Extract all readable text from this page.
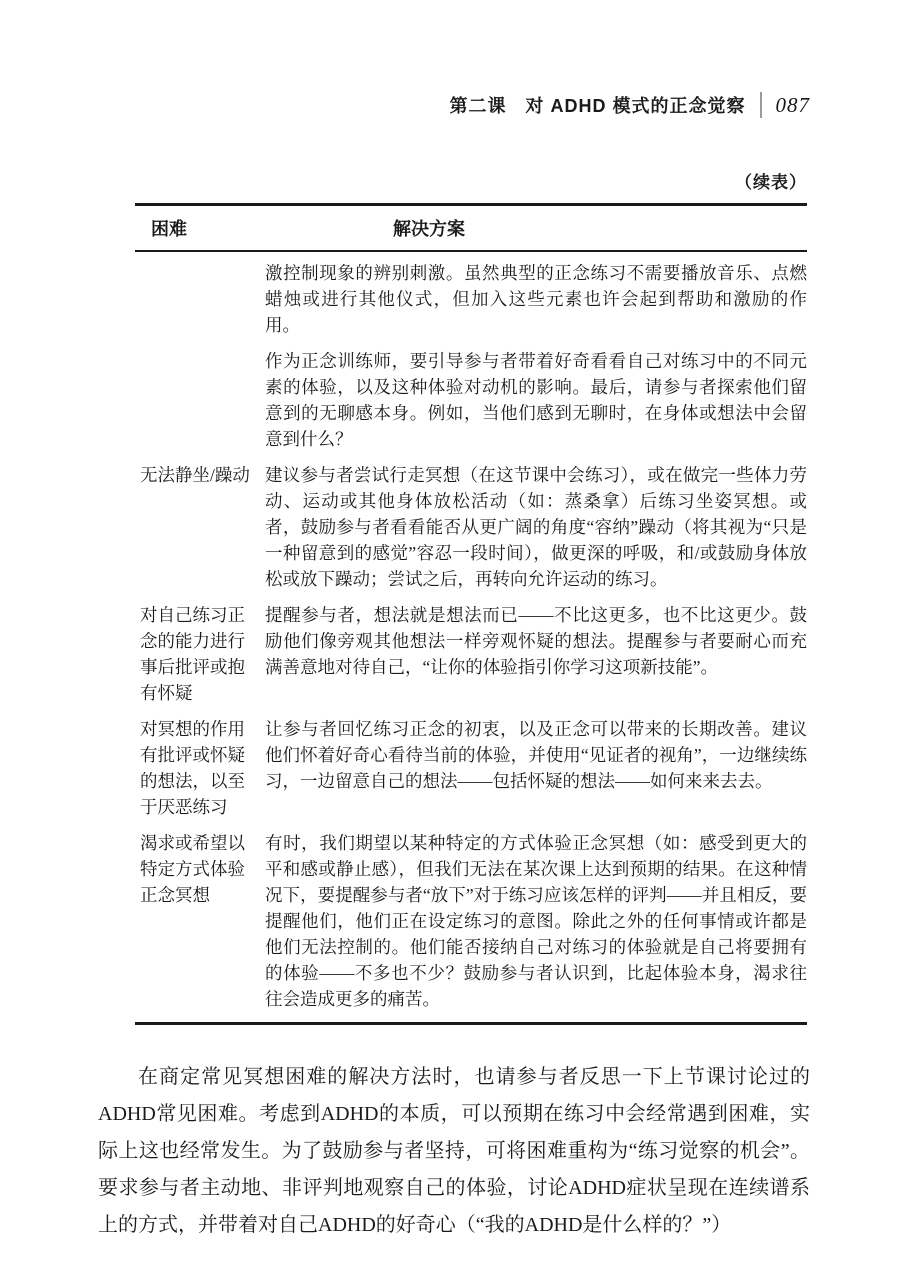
第二课　对 ADHD 模式的正念觉察 087
（续表）
困难	解决方案

激控制现象的辨别刺激。虽然典型的正念练习不需要播放音乐、点燃蜡烛或进行其他仪式，但加入这些元素也许会起到帮助和激励的作用。

作为正念训练师，要引导参与者带着好奇看看自己对练习中的不同元素的体验，以及这种体验对动机的影响。最后，请参与者探索他们留意到的无聊感本身。例如，当他们感到无聊时，在身体或想法中会留意到什么？

无法静坐/躁动 建议参与者尝试行走冥想（在这节课中会练习），或在做完一些体力劳动、运动或其他身体放松活动（如：蒸桑拿）后练习坐姿冥想。或者，鼓励参与者看看能否从更广阔的角度“容纳”躁动（将其视为“只是一种留意到的感觉”容忍一段时间），做更深的呼吸，和/或鼓励身体放松或放下躁动；尝试之后，再转向允许运动的练习。

对自己练习正念的能力进行事后批评或抱有怀疑

提醒参与者，想法就是想法而已——不比这更多，也不比这更少。鼓励他们像旁观其他想法一样旁观怀疑的想法。提醒参与者要耐心而充满善意地对待自己，“让你的体验指引你学习这项新技能”。

对冥想的作用有批评或怀疑的想法，以至于厌恶练习

让参与者回忆练习正念的初衷，以及正念可以带来的长期改善。建议他们怀着好奇心看待当前的体验，并使用“见证者的视角”，一边继续练习，一边留意自己的想法——包括怀疑的想法——如何来来去去。

渴求或希望以特定方式体验正念冥想

有时，我们期望以某种特定的方式体验正念冥想（如：感受到更大的平和感或静止感），但我们无法在某次课上达到预期的结果。在这种情况下，要提醒参与者“放下”对于练习应该怎样的评判——并且相反，要提醒他们，他们正在设定练习的意图。除此之外的任何事情或许都是他们无法控制的。他们能否接纳自己对练习的体验就是自己将要拥有的体验——不多也不少？鼓励参与者认识到，比起体验本身，渴求往往会造成更多的痛苦。

在商定常见冥想困难的解决方法时，也请参与者反思一下上节课讨论过的ADHD常见困难。考虑到ADHD的本质，可以预期在练习中会经常遇到困难，实际上这也经常发生。为了鼓励参与者坚持，可将困难重构为“练习觉察的机会”。要求参与者主动地、非评判地观察自己的体验，讨论ADHD症状呈现在连续谱系上的方式，并带着对自己ADHD的好奇心（“我的ADHD是什么样的？”）
